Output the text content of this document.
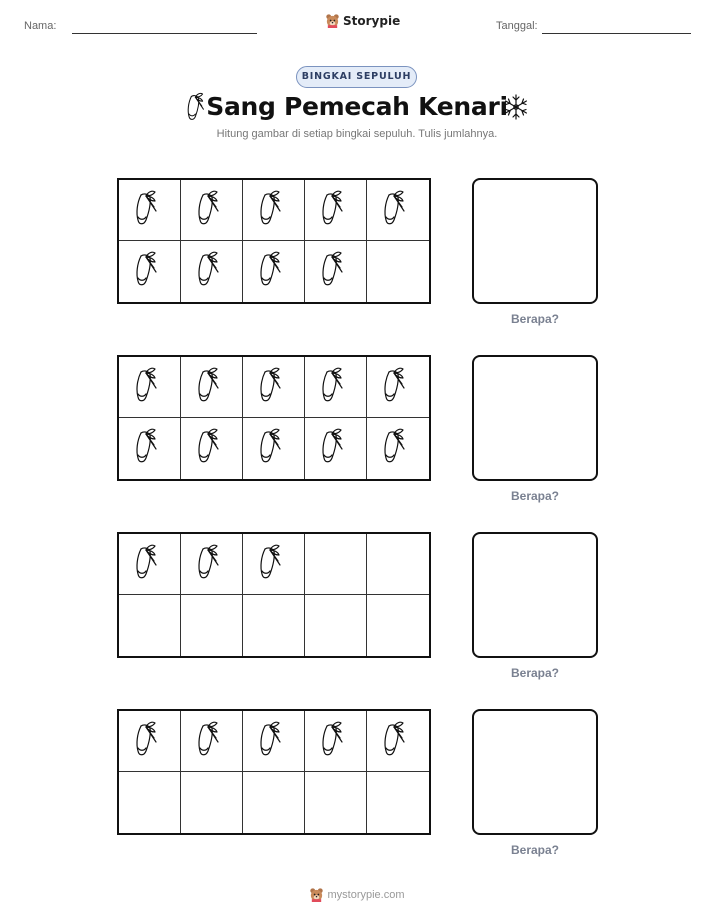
Nama:	Storypie	Tanggal:
BINGKAI SEPULUH
Sang Pemecah Kenari
Hitung gambar di setiap bingkai sepuluh. Tulis jumlahnya.
Berapa?
Berapa?
Berapa?
Berapa?
mystorypie.com
